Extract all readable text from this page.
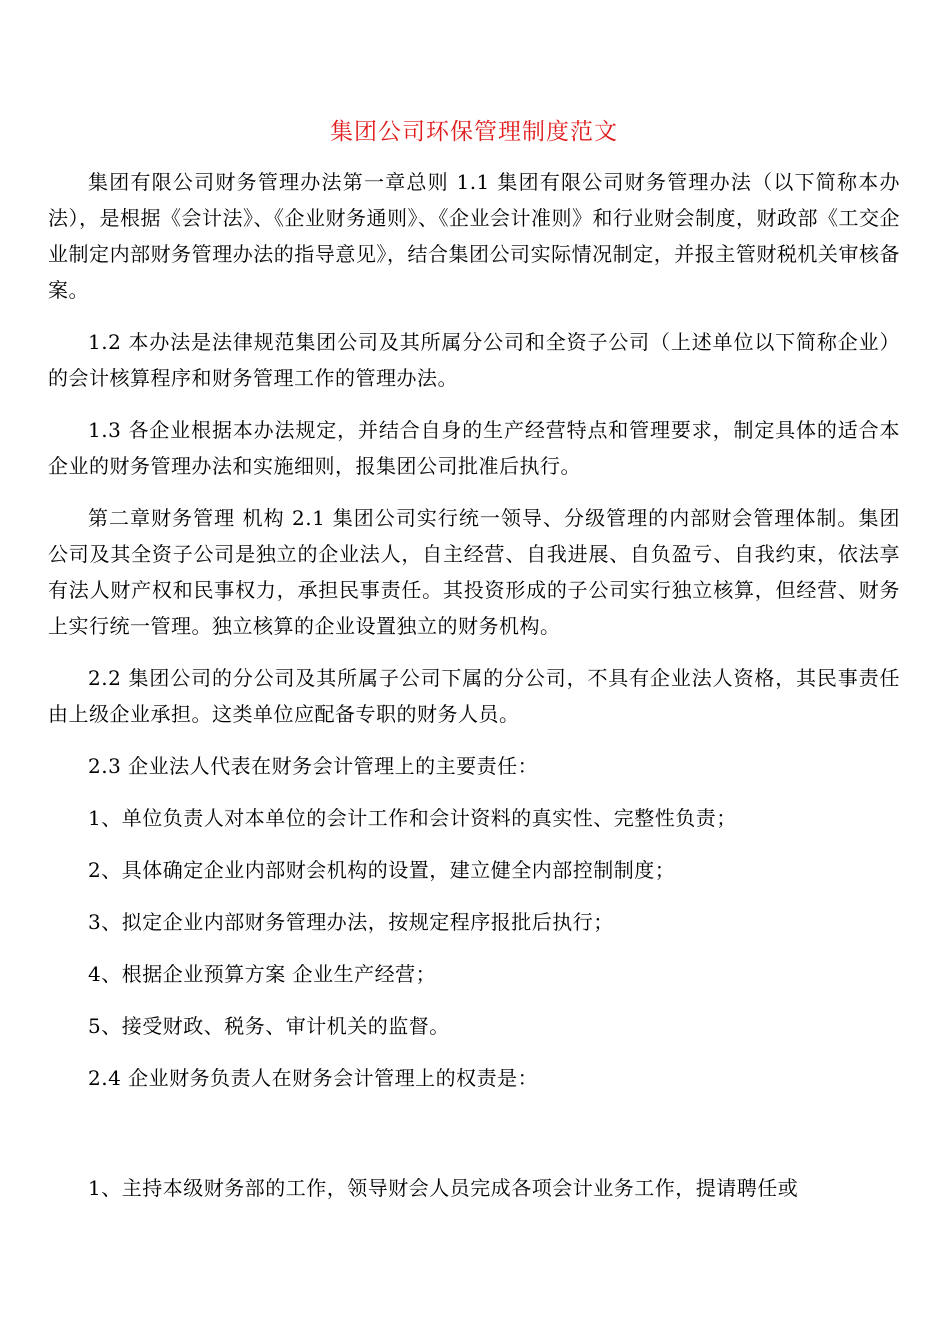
集团公司环保管理制度范文

集团有限公司财务管理办法第一章总则 1.1 集团有限公司财务管理办法（以下简称本办法），是根据《会计法》、《企业财务通则》、《企业会计准则》和行业财会制度，财政部《工交企业制定内部财务管理办法的指导意见》，结合集团公司实际情况制定，并报主管财税机关审核备案。

1.2 本办法是法律规范集团公司及其所属分公司和全资子公司（上述单位以下简称企业）的会计核算程序和财务管理工作的管理办法。

1.3 各企业根据本办法规定，并结合自身的生产经营特点和管理要求，制定具体的适合本企业的财务管理办法和实施细则，报集团公司批准后执行。

第二章财务管理 机构 2.1 集团公司实行统一领导、分级管理的内部财会管理体制。集团公司及其全资子公司是独立的企业法人，自主经营、自我进展、自负盈亏、自我约束，依法享有法人财产权和民事权力，承担民事责任。其投资形成的子公司实行独立核算，但经营、财务上实行统一管理。独立核算的企业设置独立的财务机构。

2.2 集团公司的分公司及其所属子公司下属的分公司，不具有企业法人资格，其民事责任由上级企业承担。这类单位应配备专职的财务人员。

2.3 企业法人代表在财务会计管理上的主要责任：

1、单位负责人对本单位的会计工作和会计资料的真实性、完整性负责；

2、具体确定企业内部财会机构的设置，建立健全内部控制制度；

3、拟定企业内部财务管理办法，按规定程序报批后执行；

4、根据企业预算方案 企业生产经营；

5、接受财政、税务、审计机关的监督。

2.4 企业财务负责人在财务会计管理上的权责是：

1、主持本级财务部的工作，领导财会人员完成各项会计业务工作，提请聘任或
